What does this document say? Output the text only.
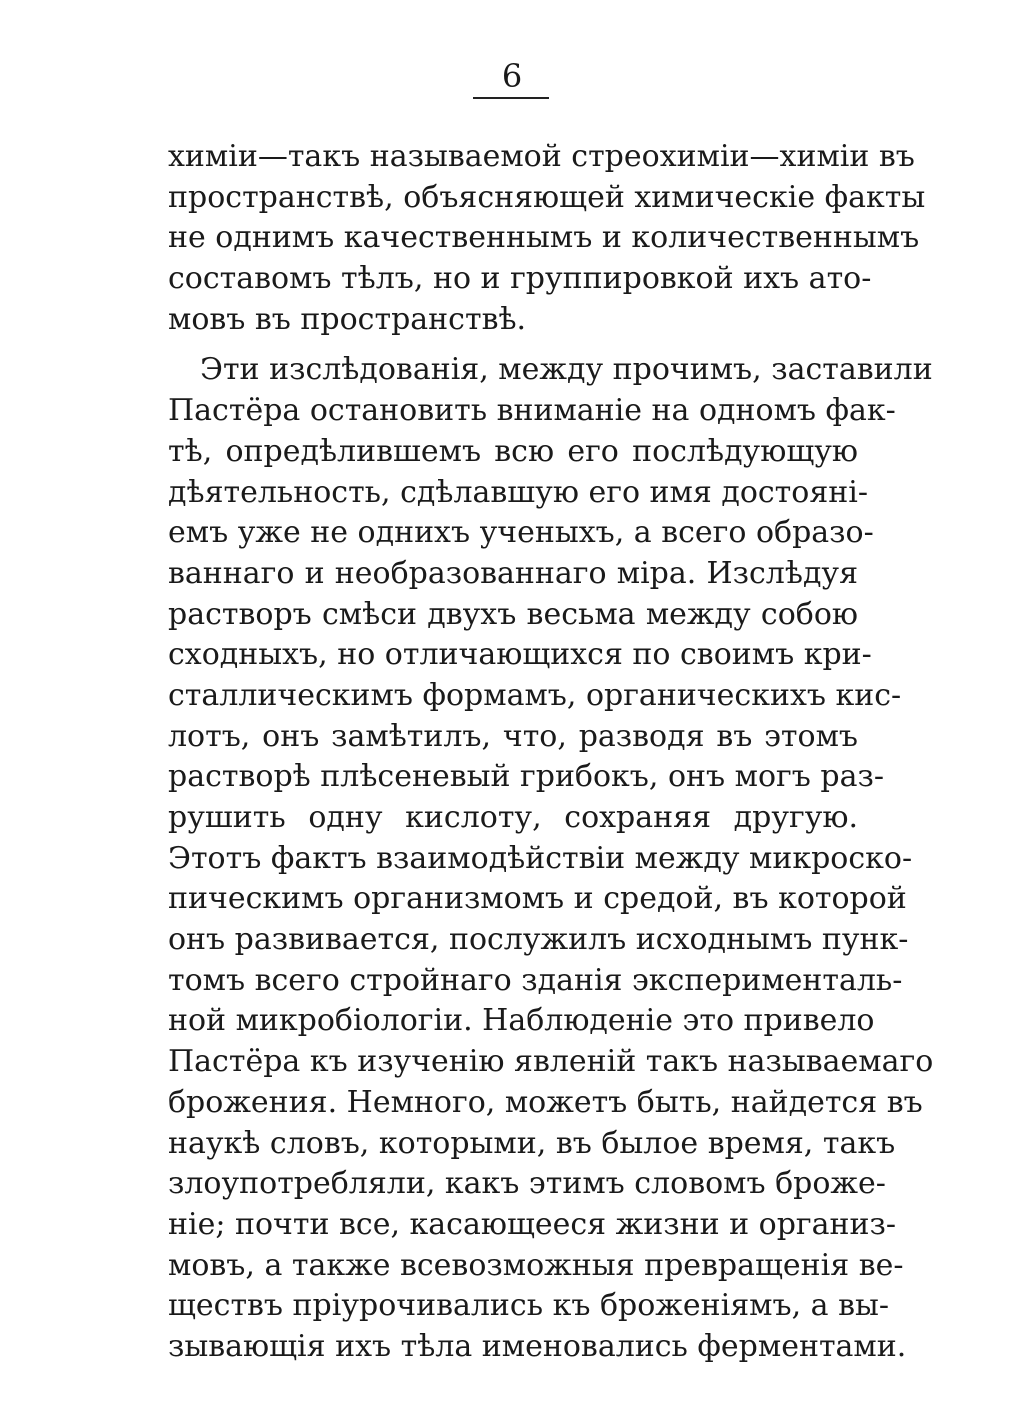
6
химіи—такъ называемой стреохиміи—химіи въ
пространствѣ, объясняющей химическіе факты
не однимъ качественнымъ и количественнымъ
составомъ тѣлъ, но и группировкой ихъ ато-
мовъ въ пространствѣ.
Эти изслѣдованія, между прочимъ, заставили
Пастёра остановить вниманіе на одномъ фак-
тѣ, опредѣлившемъ всю его послѣдующую
дѣятельность, сдѣлавшую его имя достояні-
емъ уже не однихъ ученыхъ, а всего образо-
ваннаго и необразованнаго міра. Изслѣдуя
растворъ смѣси двухъ весьма между собою
сходныхъ, но отличающихся по своимъ кри-
сталлическимъ формамъ, органическихъ кис-
лотъ, онъ замѣтилъ, что, разводя въ этомъ
растворѣ плѣсеневый грибокъ, онъ могъ раз-
рушить одну кислоту, сохраняя другую.
Этотъ фактъ взаимодѣйствіи между микроско-
пическимъ организмомъ и средой, въ которой
онъ развивается, послужилъ исходнымъ пунк-
томъ всего стройнаго зданія эксперименталь-
ной микробіологіи. Наблюденіе это привело
Пастёра къ изученію явленій такъ называемаго
брожения. Немного, можетъ быть, найдется въ
наукѣ словъ, которыми, въ былое время, такъ
злоупотребляли, какъ этимъ словомъ броже-
ніе; почти все, касающееся жизни и организ-
мовъ, а также всевозможныя превращенія ве-
ществъ пріурочивались къ броженіямъ, а вы-
зывающія ихъ тѣла именовались ферментами.
